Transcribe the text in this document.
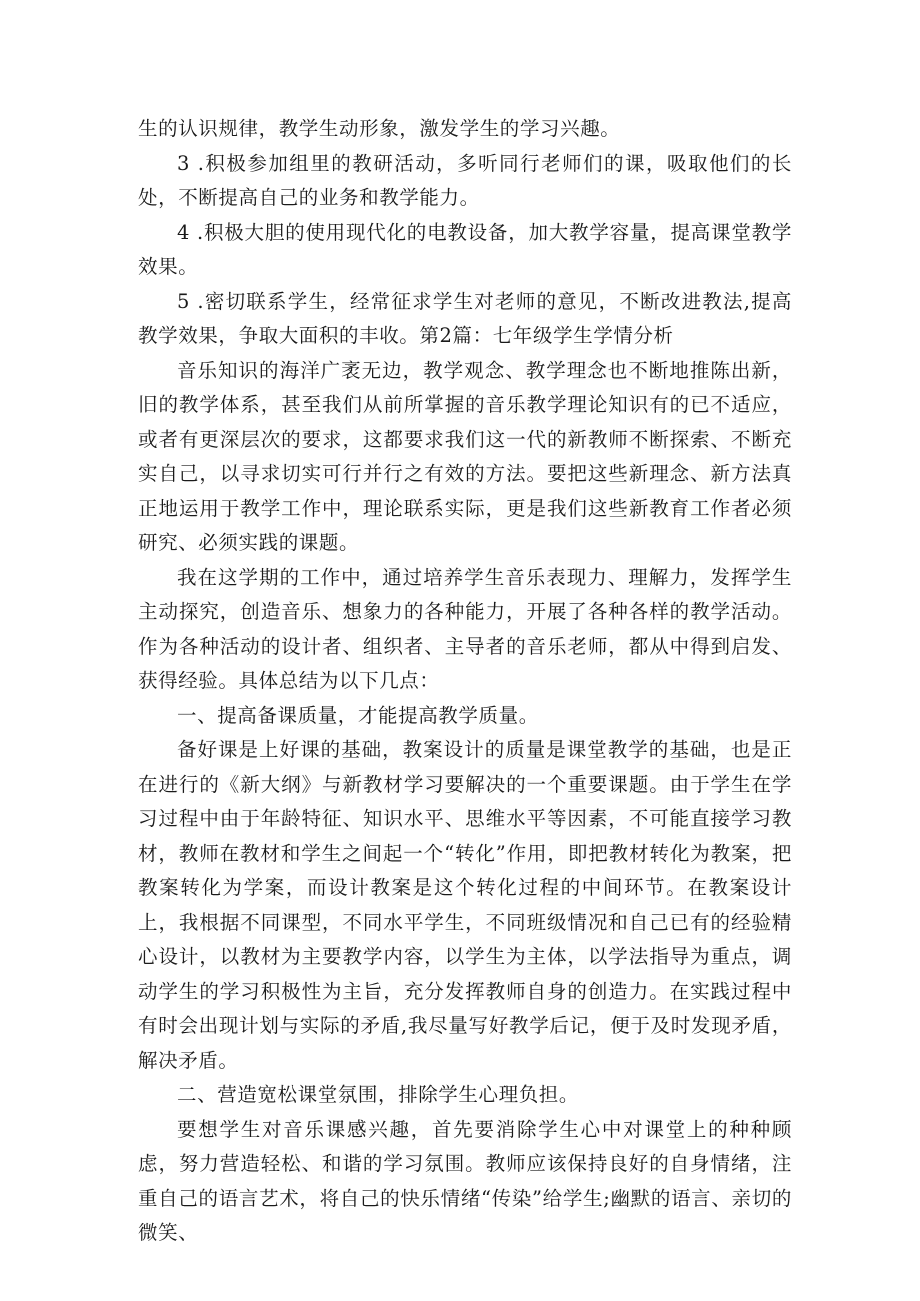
生的认识规律，教学生动形象，激发学生的学习兴趣。

3 .积极参加组里的教研活动，多听同行老师们的课，吸取他们的长处，不断提高自己的业务和教学能力。

4 .积极大胆的使用现代化的电教设备，加大教学容量，提高课堂教学效果。

5 .密切联系学生，经常征求学生对老师的意见，不断改进教法,提高教学效果，争取大面积的丰收。第2篇：七年级学生学情分析

音乐知识的海洋广袤无边，教学观念、教学理念也不断地推陈出新，旧的教学体系，甚至我们从前所掌握的音乐教学理论知识有的已不适应，或者有更深层次的要求，这都要求我们这一代的新教师不断探索、不断充实自己，以寻求切实可行并行之有效的方法。要把这些新理念、新方法真正地运用于教学工作中，理论联系实际，更是我们这些新教育工作者必须研究、必须实践的课题。

我在这学期的工作中，通过培养学生音乐表现力、理解力，发挥学生主动探究，创造音乐、想象力的各种能力，开展了各种各样的教学活动。作为各种活动的设计者、组织者、主导者的音乐老师，都从中得到启发、获得经验。具体总结为以下几点：

一、提高备课质量，才能提高教学质量。

备好课是上好课的基础，教案设计的质量是课堂教学的基础，也是正在进行的《新大纲》与新教材学习要解决的一个重要课题。由于学生在学习过程中由于年龄特征、知识水平、思维水平等因素，不可能直接学习教材，教师在教材和学生之间起一个“转化”作用，即把教材转化为教案，把教案转化为学案，而设计教案是这个转化过程的中间环节。在教案设计上，我根据不同课型，不同水平学生，不同班级情况和自己已有的经验精心设计，以教材为主要教学内容，以学生为主体，以学法指导为重点，调动学生的学习积极性为主旨，充分发挥教师自身的创造力。在实践过程中有时会出现计划与实际的矛盾,我尽量写好教学后记，便于及时发现矛盾，解决矛盾。

二、营造宽松课堂氛围，排除学生心理负担。

要想学生对音乐课感兴趣，首先要消除学生心中对课堂上的种种顾虑，努力营造轻松、和谐的学习氛围。教师应该保持良好的自身情绪，注重自己的语言艺术，将自己的快乐情绪“传染”给学生;幽默的语言、亲切的微笑、
